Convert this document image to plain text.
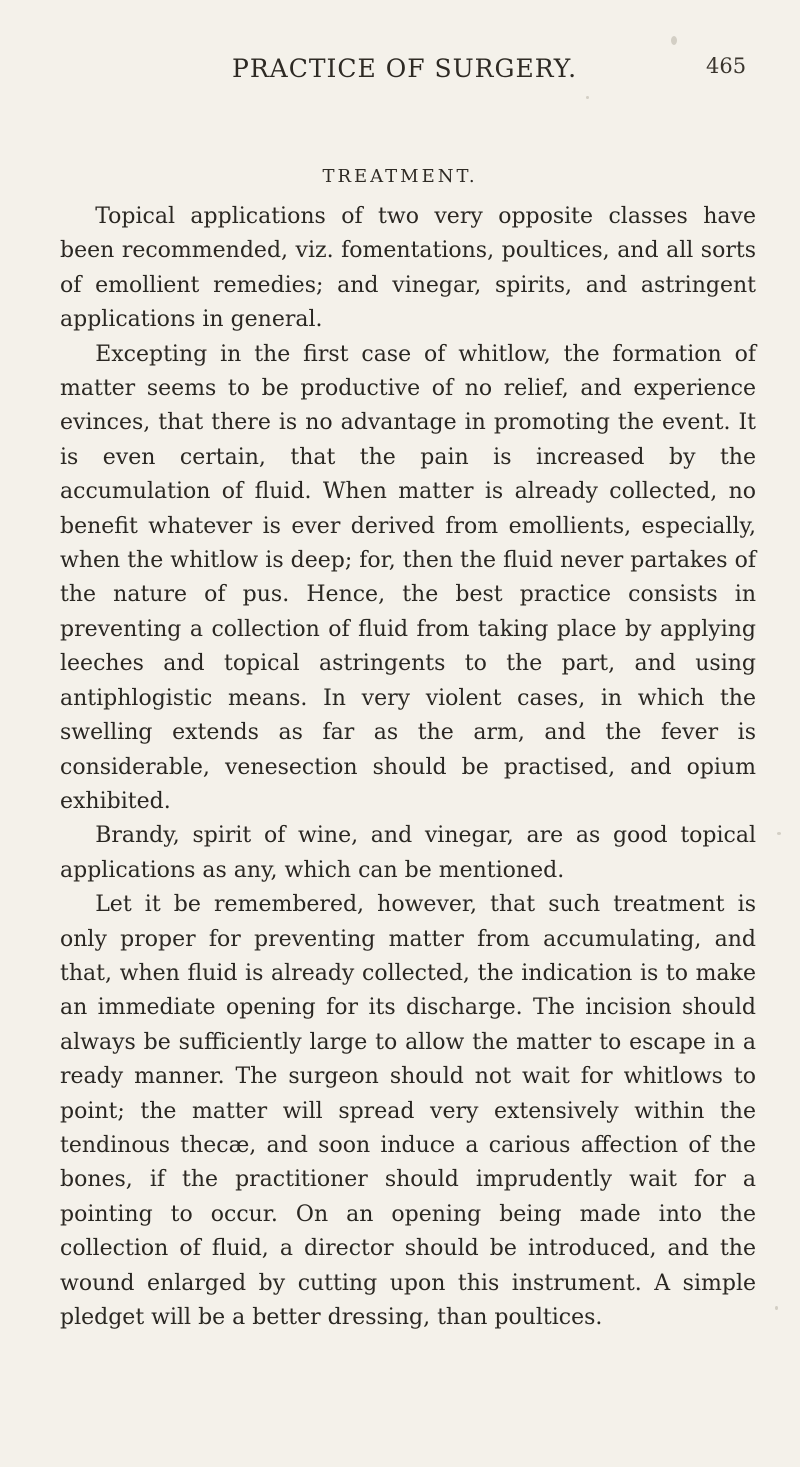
PRACTICE OF SURGERY.	465
TREATMENT.

Topical applications of two very opposite classes have been recommended, viz. fomentations, poultices, and all sorts of emollient remedies; and vinegar, spirits, and astringent applications in general.

Excepting in the first case of whitlow, the formation of matter seems to be productive of no relief, and experience evinces, that there is no advantage in promoting the event. It is even certain, that the pain is increased by the accumulation of fluid. When matter is already collected, no benefit whatever is ever derived from emollients, especially, when the whitlow is deep; for, then the fluid never partakes of the nature of pus. Hence, the best practice consists in preventing a collection of fluid from taking place by applying leeches and topical astringents to the part, and using antiphlogistic means. In very violent cases, in which the swelling extends as far as the arm, and the fever is considerable, venesection should be practised, and opium exhibited.

Brandy, spirit of wine, and vinegar, are as good topical applications as any, which can be mentioned.

Let it be remembered, however, that such treatment is only proper for preventing matter from accumulating, and that, when fluid is already collected, the indication is to make an immediate opening for its discharge. The incision should always be sufficiently large to allow the matter to escape in a ready manner. The surgeon should not wait for whitlows to point; the matter will spread very extensively within the tendinous thecæ, and soon induce a carious affection of the bones, if the practitioner should imprudently wait for a pointing to occur. On an opening being made into the collection of fluid, a director should be introduced, and the wound enlarged by cutting upon this instrument. A simple pledget will be a better dressing, than poultices.
